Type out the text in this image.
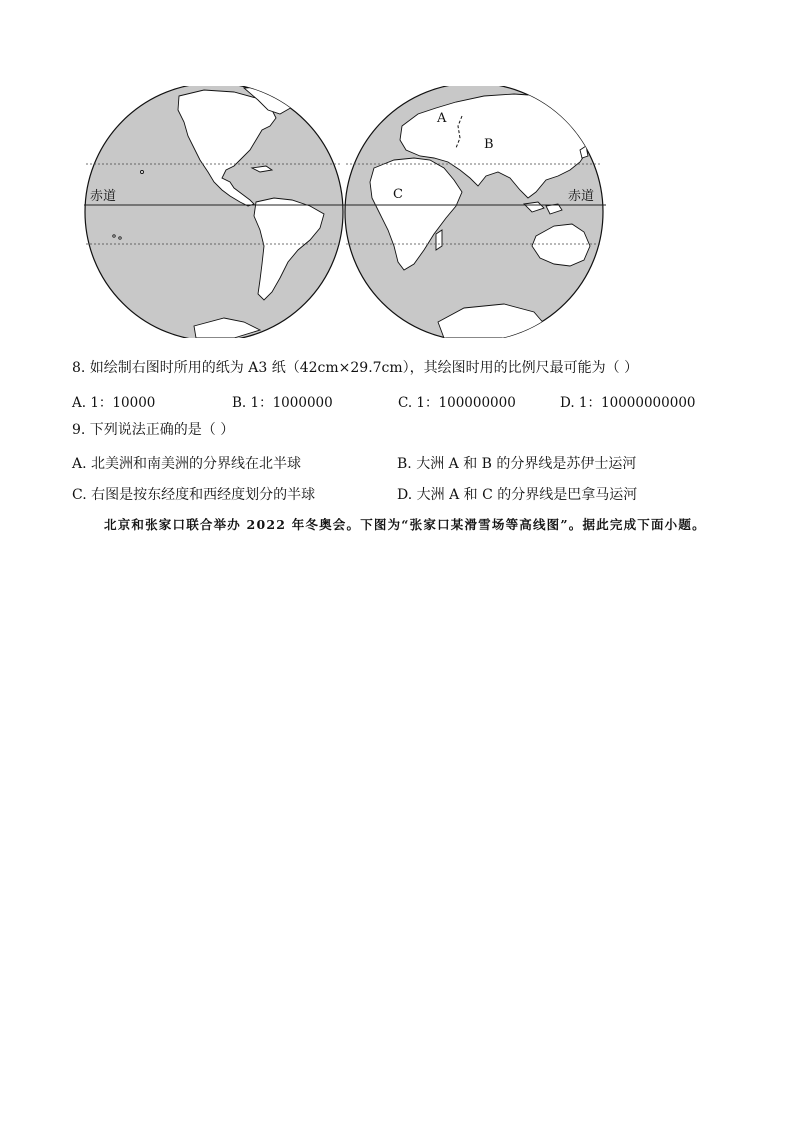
赤道	赤道
A
B
C
8. 如绘制右图时所用的纸为 A3 纸（42cm×29.7cm），其绘图时用的比例尺最可能为（ ）
A. 1：10000	B. 1：1000000	C. 1：100000000	D. 1：10000000000
9. 下列说法正确的是（ ）
A. 北美洲和南美洲的分界线在北半球	B. 大洲 A 和 B 的分界线是苏伊士运河
C. 右图是按东经度和西经度划分的半球	D. 大洲 A 和 C 的分界线是巴拿马运河
北京和张家口联合举办 2022 年冬奥会。下图为“张家口某滑雪场等高线图”。据此完成下面小题。
